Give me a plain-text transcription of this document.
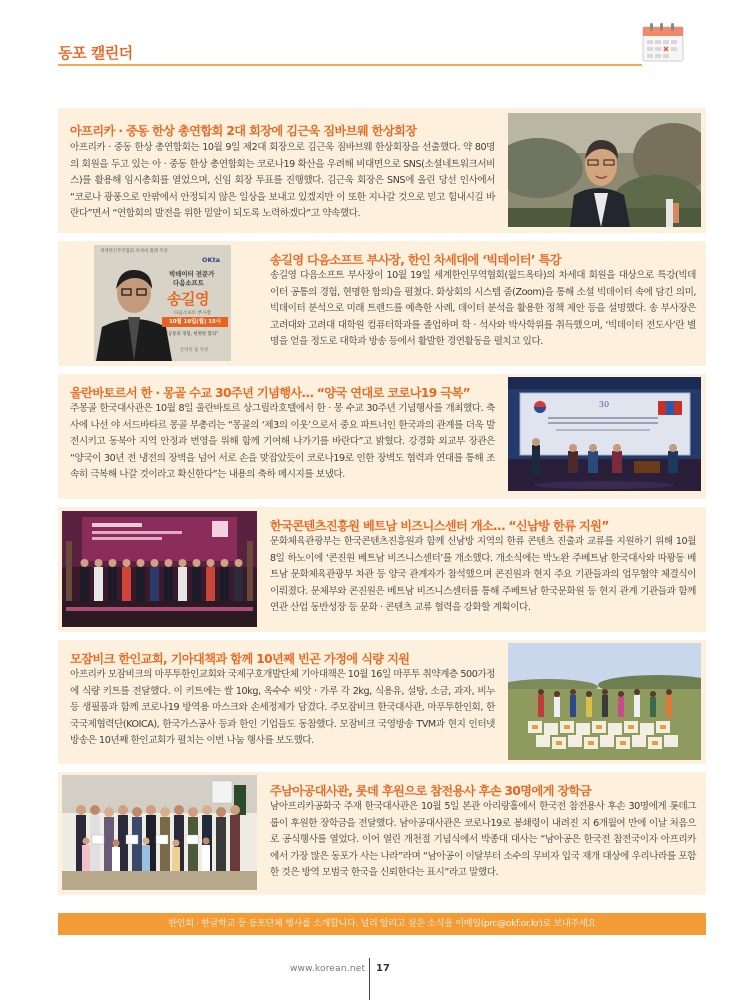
동포 캘린더
아프리카 · 중동 한상 총연합회 2대 회장에 김근욱 짐바브웨 한상회장

아프리카 · 중동 한상 총연합회는 10월 9일 제2대 회장으로 김근욱 짐바브웨 한상회장을 선출했다. 약 80명의 회원을 두고 있는 아 · 중동 한상 총연합회는 코로나19 확산을 우려해 비대면으로 SNS(소셜네트워크서비스)를 활용해 임시총회를 열었으며, 신임 회장 투표를 진행했다. 김근욱 회장은 SNS에 올린 당선 인사에서 “코로나 광풍으로 안팎에서 안정되지 않은 일상을 보내고 있겠지만 이 또한 지나갈 것으로 믿고 힘내시길 바란다”면서 “연합회의 발전을 위한 밑알이 되도록 노력하겠다”고 약속했다.

세계한인무역협회 차세대 월례 특강
OKta
빅데이터 전문가
다음소프트
송길영
다음소프트 부사장
10월 19일(월) 15시
"공통의 경험, 현명한 합의"
온라인 줌 특강
송길영 다음소프트 부사장, 한인 차세대에 ‘빅데이터’ 특강

송길영 다음소프트 부사장이 10월 19일 세계한인무역협회(월드옥타)의 차세대 회원을 대상으로 특강(빅데이터 공통의 경험, 현명한 합의)을 펼쳤다. 화상회의 시스템 줌(Zoom)을 통해 소셜 빅데이터 속에 담긴 의미, 빅데이터 분석으로 미래 트렌드를 예측한 사례, 데이터 분석을 활용한 정책 제안 등을 설명했다. 송 부사장은 고려대와 고려대 대학원 컴퓨터학과를 졸업하며 학 · 석사와 박사학위를 취득했으며, ‘빅데이터 전도사’란 별명을 얻을 정도로 대학과 방송 등에서 활발한 경연활동을 펼치고 있다.

울란바토르서 한 · 몽골 수교 30주년 기념행사… “양국 연대로 코로나19 극복”

주몽골 한국대사관은 10월 8일 울란바토르 상그릴라호텔에서 한 · 몽 수교 30주년 기념행사를 개최했다. 축사에 나선 야 서드바타르 몽골 부총리는 “몽골의 ‘제3의 이웃’으로서 중요 파트너인 한국과의 관계를 더욱 발전시키고 동북아 지역 안정과 번영을 위해 함께 기여해 나가기를 바란다”고 밝혔다. 강경화 외교부 장관은 “양국이 30년 전 냉전의 장벽을 넘어 서로 손을 맞잡았듯이 코로나19로 인한 장벽도 협력과 연대를 통해 조속히 극복해 나갈 것이라고 확신한다”는 내용의 축하 메시지를 보냈다.

30
한국콘텐츠진흥원 베트남 비즈니스센터 개소… “신남방 한류 지원”

문화체육관광부는 한국콘텐츠진흥원과 함께 신남방 지역의 한류 콘텐츠 진출과 교류를 지원하기 위해 10월 8일 하노이에 ‘콘진원 베트남 비즈니스센터’를 개소했다. 개소식에는 박노완 주베트남 한국대사와 따꽝동 베트남 문화체육관광부 차관 등 양국 관계자가 참석했으며 콘진원과 현지 주요 기관들과의 업무협약 체결식이 이뤄졌다. 문체부와 콘진원은 베트남 비즈니스센터를 통해 주베트남 한국문화원 등 현지 관계 기관들과 함께 연관 산업 동반성장 등 문화 · 콘텐츠 교류 협력을 강화할 계획이다.

모잠비크 한인교회, 기아대책과 함께 10년째 빈곤 가정에 식량 지원

아프리카 모잠비크의 마푸투한인교회와 국제구호개발단체 기아대책은 10월 16일 마푸투 취약계층 500가정에 식량 키트를 전달했다. 이 키트에는 쌀 10kg, 옥수수 씨앗 · 가루 각 2kg, 식용유, 설탕, 소금, 과자, 비누 등 생필품과 함께 코로나19 방역용 마스크와 손세정제가 담겼다. 주모잠비크 한국대사관, 마푸투한인회, 한국국제협력단(KOICA), 한국가스공사 등과 한인 기업들도 동참했다. 모잠비크 국영방송 TVM과 현지 인터넷 방송은 10년째 한인교회가 펼치는 이번 나눔 행사를 보도했다.

주남아공대사관, 롯데 후원으로 참전용사 후손 30명에게 장학금

남아프리카공화국 주재 한국대사관은 10월 5일 본관 아리랑홀에서 한국전 참전용사 후손 30명에게 롯데그룹이 후원한 장학금을 전달했다. 남아공대사관은 코로나19로 봉쇄령이 내려진 지 6개월여 만에 이날 처음으로 공식행사를 열었다. 이어 열린 개천절 기념식에서 박종대 대사는 “남아공은 한국전 참전국이자 아프리카에서 가장 많은 동포가 사는 나라”라며 “남아공이 이달부터 소수의 무비자 입국 재개 대상에 우리나라를 포함한 것은 방역 모범국 한국을 신뢰한다는 표시”라고 말했다.

한인회 · 한글학교 등 동포단체 행사를 소개합니다. 널리 알리고 싶은 소식을 이메일(prc@okf.or.kr)로 보내주세요
www.korean.net 17
